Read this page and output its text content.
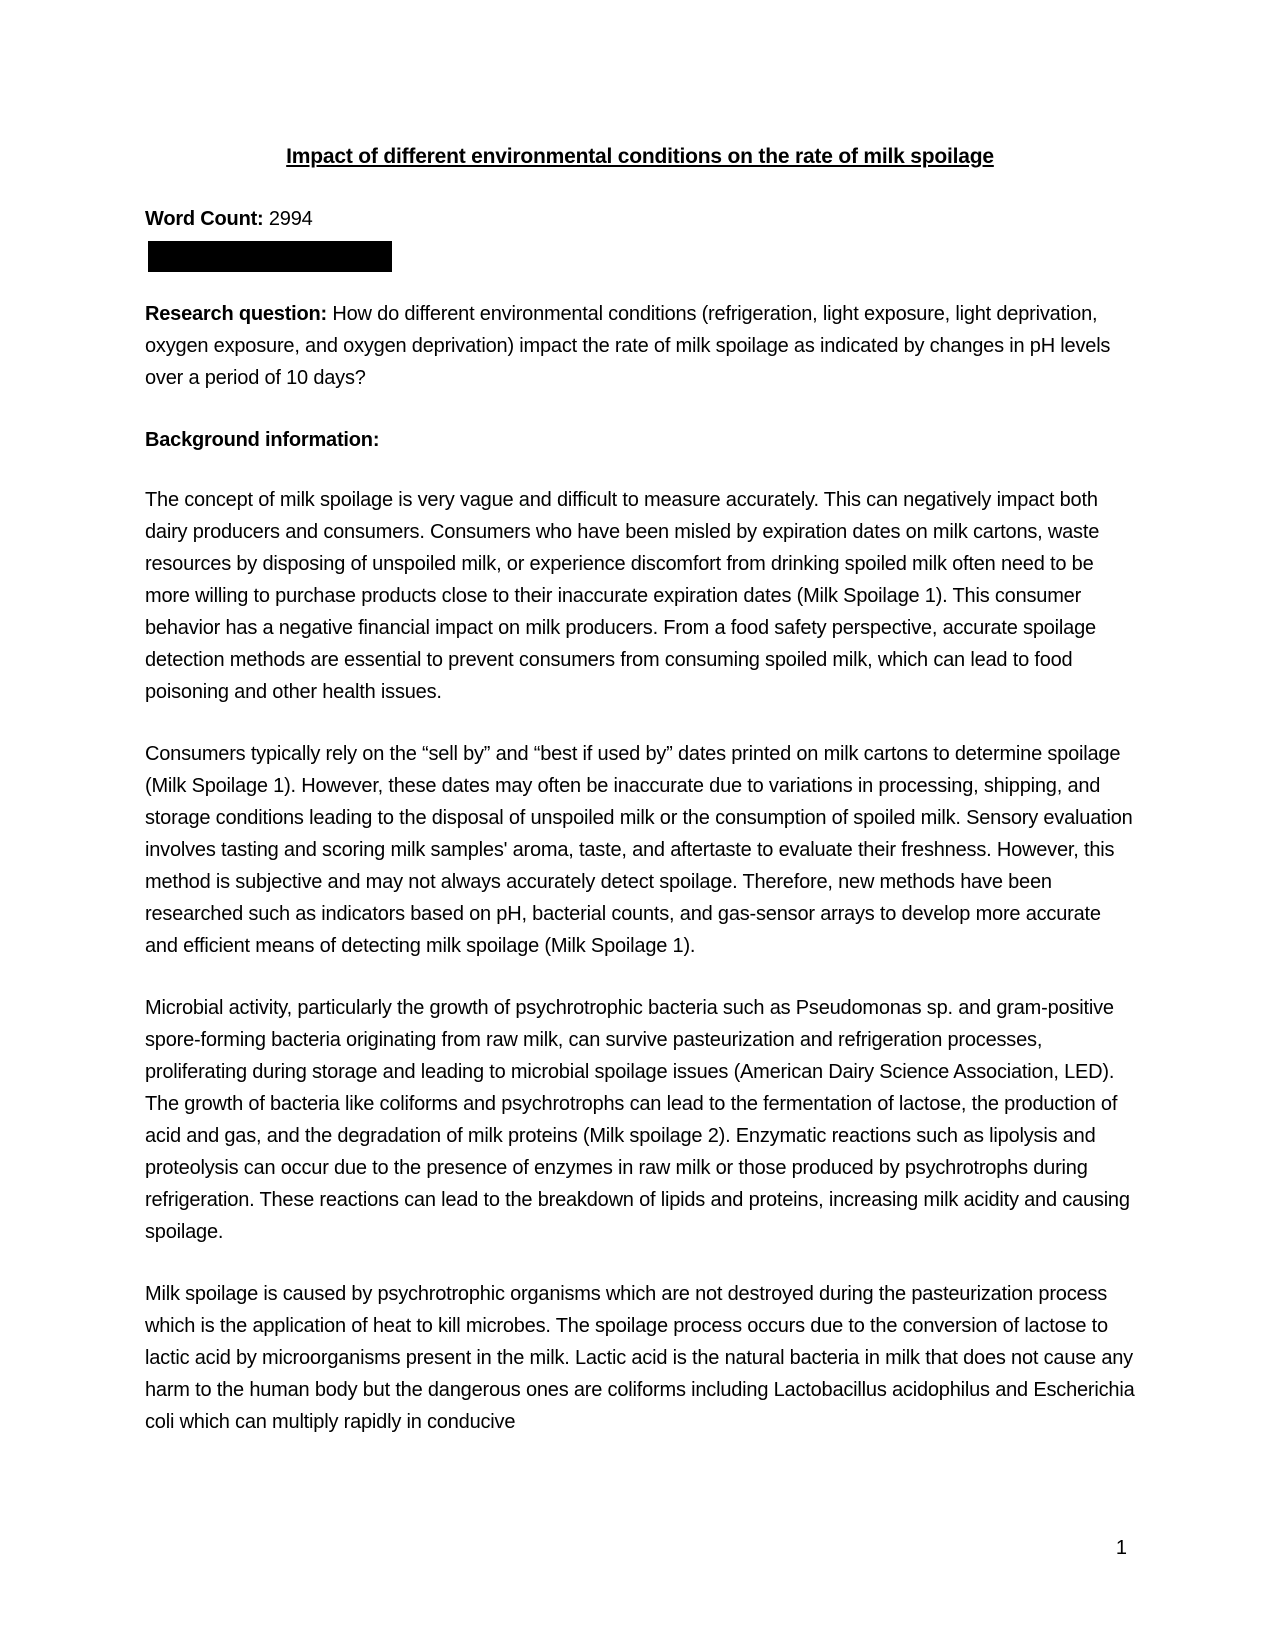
Impact of different environmental conditions on the rate of milk spoilage

Word Count: 2994

Research question: How do different environmental conditions (refrigeration, light exposure, light deprivation, oxygen exposure, and oxygen deprivation) impact the rate of milk spoilage as indicated by changes in pH levels over a period of 10 days?

Background information:

The concept of milk spoilage is very vague and difficult to measure accurately. This can negatively impact both dairy producers and consumers. Consumers who have been misled by expiration dates on milk cartons, waste resources by disposing of unspoiled milk, or experience discomfort from drinking spoiled milk often need to be more willing to purchase products close to their inaccurate expiration dates (Milk Spoilage 1). This consumer behavior has a negative financial impact on milk producers. From a food safety perspective, accurate spoilage detection methods are essential to prevent consumers from consuming spoiled milk, which can lead to food poisoning and other health issues.

Consumers typically rely on the “sell by” and “best if used by” dates printed on milk cartons to determine spoilage (Milk Spoilage 1). However, these dates may often be inaccurate due to variations in processing, shipping, and storage conditions leading to the disposal of unspoiled milk or the consumption of spoiled milk. Sensory evaluation involves tasting and scoring milk samples' aroma, taste, and aftertaste to evaluate their freshness. However, this method is subjective and may not always accurately detect spoilage. Therefore, new methods have been researched such as indicators based on pH, bacterial counts, and gas-sensor arrays to develop more accurate and efficient means of detecting milk spoilage (Milk Spoilage 1).

Microbial activity, particularly the growth of psychrotrophic bacteria such as Pseudomonas sp. and gram-positive spore-forming bacteria originating from raw milk, can survive pasteurization and refrigeration processes, proliferating during storage and leading to microbial spoilage issues (American Dairy Science Association, LED). The growth of bacteria like coliforms and psychrotrophs can lead to the fermentation of lactose, the production of acid and gas, and the degradation of milk proteins (Milk spoilage 2). Enzymatic reactions such as lipolysis and proteolysis can occur due to the presence of enzymes in raw milk or those produced by psychrotrophs during refrigeration. These reactions can lead to the breakdown of lipids and proteins, increasing milk acidity and causing spoilage.

Milk spoilage is caused by psychrotrophic organisms which are not destroyed during the pasteurization process which is the application of heat to kill microbes. The spoilage process occurs due to the conversion of lactose to lactic acid by microorganisms present in the milk. Lactic acid is the natural bacteria in milk that does not cause any harm to the human body but the dangerous ones are coliforms including Lactobacillus acidophilus and Escherichia coli which can multiply rapidly in conducive

1
